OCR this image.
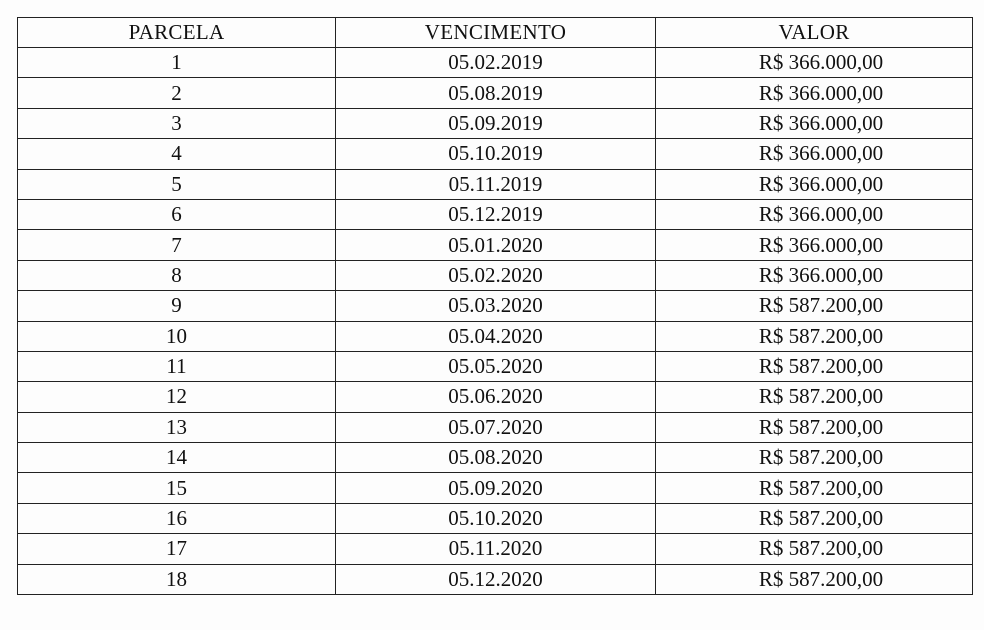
PARCELA	VENCIMENTO	VALOR
1	05.02.2019	R$ 366.000,00
2	05.08.2019	R$ 366.000,00
3	05.09.2019	R$ 366.000,00
4	05.10.2019	R$ 366.000,00
5	05.11.2019	R$ 366.000,00
6	05.12.2019	R$ 366.000,00
7	05.01.2020	R$ 366.000,00
8	05.02.2020	R$ 366.000,00
9	05.03.2020	R$ 587.200,00
10	05.04.2020	R$ 587.200,00
11	05.05.2020	R$ 587.200,00
12	05.06.2020	R$ 587.200,00
13	05.07.2020	R$ 587.200,00
14	05.08.2020	R$ 587.200,00
15	05.09.2020	R$ 587.200,00
16	05.10.2020	R$ 587.200,00
17	05.11.2020	R$ 587.200,00
18	05.12.2020	R$ 587.200,00
